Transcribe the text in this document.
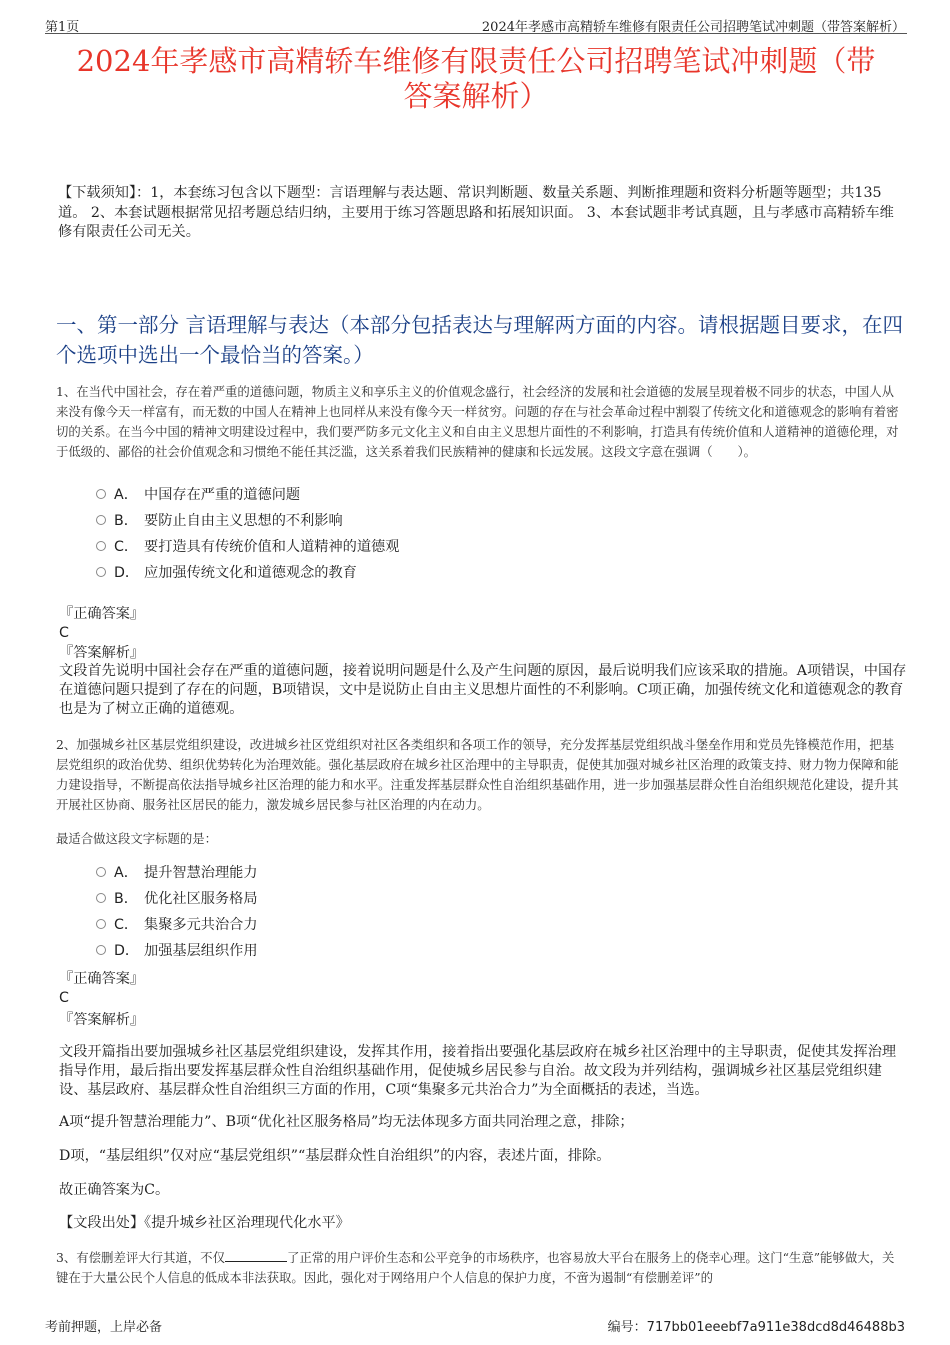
第1页	2024年孝感市高精轿车维修有限责任公司招聘笔试冲刺题（带答案解析）
2024年孝感市高精轿车维修有限责任公司招聘笔试冲刺题（带
答案解析）
【下载须知】：1，本套练习包含以下题型：言语理解与表达题、常识判断题、数量关系题、判断推理题和资料分析题等题型；共135道。 2、本套试题根据常见招考题总结归纳，主要用于练习答题思路和拓展知识面。 3、本套试题非考试真题，且与孝感市高精轿车维修有限责任公司无关。
一、第一部分 言语理解与表达（本部分包括表达与理解两方面的内容。请根据题目要求，在四个选项中选出一个最恰当的答案。）
1、在当代中国社会，存在着严重的道德问题，物质主义和享乐主义的价值观念盛行，社会经济的发展和社会道德的发展呈现着极不同步的状态，中国人从来没有像今天一样富有，而无数的中国人在精神上也同样从来没有像今天一样贫穷。问题的存在与社会革命过程中割裂了传统文化和道德观念的影响有着密切的关系。在当今中国的精神文明建设过程中，我们要严防多元文化主义和自由主义思想片面性的不利影响，打造具有传统价值和人道精神的道德伦理，对于低级的、鄙俗的社会价值观念和习惯绝不能任其泛滥，这关系着我们民族精神的健康和长远发展。这段文字意在强调（　　）。
A． 中国存在严重的道德问题
B． 要防止自由主义思想的不利影响
C． 要打造具有传统价值和人道精神的道德观
D． 应加强传统文化和道德观念的教育
『正确答案』
C
『答案解析』
文段首先说明中国社会存在严重的道德问题，接着说明问题是什么及产生问题的原因，最后说明我们应该采取的措施。A项错误，中国存在道德问题只提到了存在的问题，B项错误，文中是说防止自由主义思想片面性的不利影响。C项正确，加强传统文化和道德观念的教育也是为了树立正确的道德观。
2、加强城乡社区基层党组织建设，改进城乡社区党组织对社区各类组织和各项工作的领导，充分发挥基层党组织战斗堡垒作用和党员先锋模范作用，把基层党组织的政治优势、组织优势转化为治理效能。强化基层政府在城乡社区治理中的主导职责，促使其加强对城乡社区治理的政策支持、财力物力保障和能力建设指导，不断提高依法指导城乡社区治理的能力和水平。注重发挥基层群众性自治组织基础作用，进一步加强基层群众性自治组织规范化建设，提升其开展社区协商、服务社区居民的能力，激发城乡居民参与社区治理的内在动力。
最适合做这段文字标题的是：
A． 提升智慧治理能力
B． 优化社区服务格局
C． 集聚多元共治合力
D． 加强基层组织作用
『正确答案』
C
『答案解析』
文段开篇指出要加强城乡社区基层党组织建设，发挥其作用，接着指出要强化基层政府在城乡社区治理中的主导职责，促使其发挥治理指导作用，最后指出要发挥基层群众性自治组织基础作用，促使城乡居民参与自治。故文段为并列结构，强调城乡社区基层党组织建设、基层政府、基层群众性自治组织三方面的作用，C项“集聚多元共治合力”为全面概括的表述，当选。
A项“提升智慧治理能力”、B项“优化社区服务格局”均无法体现多方面共同治理之意，排除；
D项，“基层组织”仅对应“基层党组织”“基层群众性自治组织”的内容，表述片面，排除。
故正确答案为C。
【文段出处】《提升城乡社区治理现代化水平》
3、有偿删差评大行其道，不仅	了正常的用户评价生态和公平竞争的市场秩序，也容易放大平台在服务上的侥幸心理。这门“生意”能够做大，关键在于大量公民个人信息的低成本非法获取。因此，强化对于网络用户个人信息的保护力度，不啻为遏制“有偿删差评”的
考前押题，上岸必备	编号：717bb01eeebf7a911e38dcd8d46488b3
